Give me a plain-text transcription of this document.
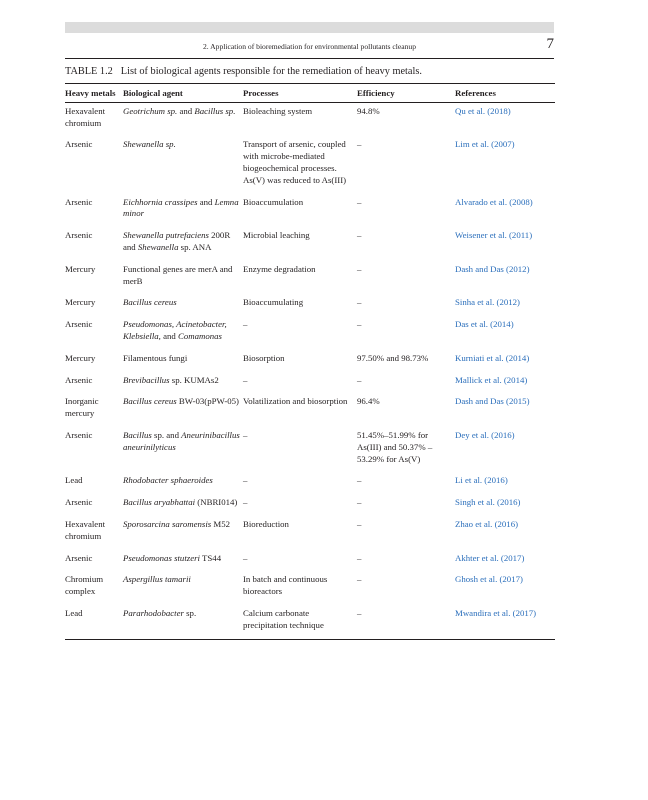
2. Application of bioremediation for environmental pollutants cleanup	7
TABLE 1.2 List of biological agents responsible for the remediation of heavy metals.
Heavy metals	Biological agent	Processes	Efficiency	References
Hexavalent chromium	Geotrichum sp. and Bacillus sp.	Bioleaching system	94.8%	Qu et al. (2018)
Arsenic	Shewanella sp.	Transport of arsenic, coupled with microbe-mediated biogeochemical processes. As(V) was reduced to As(III)	–	Lim et al. (2007)
Arsenic	Eichhornia crassipes and Lemna minor	Bioaccumulation	–	Alvarado et al. (2008)
Arsenic	Shewanella putrefaciens 200R and Shewanella sp. ANA	Microbial leaching	–	Weisener et al. (2011)
Mercury	Functional genes are merA and merB	Enzyme degradation	–	Dash and Das (2012)
Mercury	Bacillus cereus	Bioaccumulating	–	Sinha et al. (2012)
Arsenic	Pseudomonas, Acinetobacter, Klebsiella, and Comamonas	–	–	Das et al. (2014)
Mercury	Filamentous fungi	Biosorption	97.50% and 98.73%	Kurniati et al. (2014)
Arsenic	Brevibacillus sp. KUMAs2	–	–	Mallick et al. (2014)
Inorganic mercury	Bacillus cereus BW-03(pPW-05)	Volatilization and biosorption	96.4%	Dash and Das (2015)
Arsenic	Bacillus sp. and Aneurinibacillus aneurinilyticus	–	51.45%–51.99% for As(III) and 50.37% –53.29% for As(V)	Dey et al. (2016)
Lead	Rhodobacter sphaeroides	–	–	Li et al. (2016)
Arsenic	Bacillus aryabhattai (NBRI014)	–	–	Singh et al. (2016)
Hexavalent chromium	Sporosarcina saromensis M52	Bioreduction	–	Zhao et al. (2016)
Arsenic	Pseudomonas stutzeri TS44	–	–	Akhter et al. (2017)
Chromium complex	Aspergillus tamarii	In batch and continuous bioreactors	–	Ghosh et al. (2017)
Lead	Pararhodobacter sp.	Calcium carbonate precipitation technique	–	Mwandira et al. (2017)
